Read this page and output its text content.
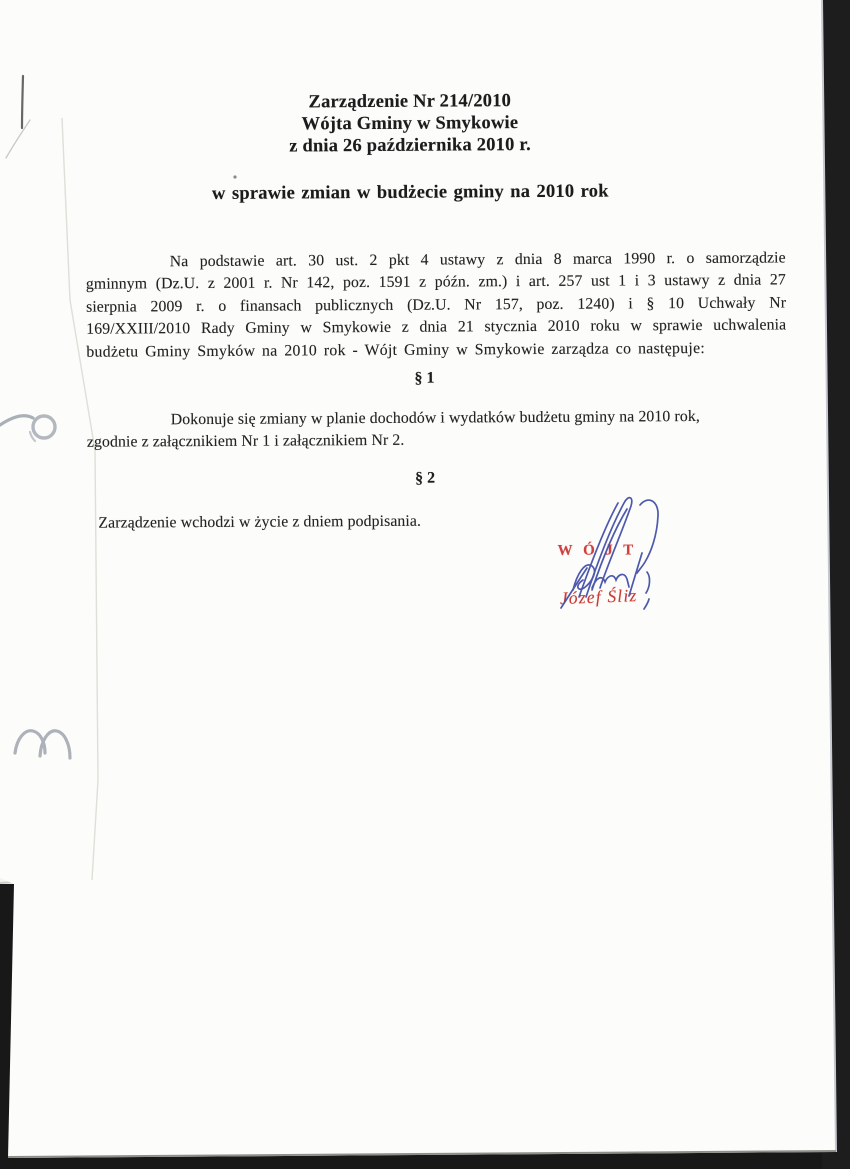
Zarządzenie Nr 214/2010
Wójta Gminy w Smykowie
z dnia 26 października 2010 r.
w sprawie zmian w budżecie gminy na 2010 rok
Na podstawie art. 30 ust. 2 pkt 4 ustawy z dnia 8 marca 1990 r. o samorządzie
gminnym (Dz.U. z 2001 r. Nr 142, poz. 1591 z późn. zm.) i art. 257 ust 1 i 3 ustawy z dnia 27
sierpnia 2009 r. o finansach publicznych (Dz.U. Nr 157, poz. 1240) i § 10 Uchwały Nr
169/XXIII/2010 Rady Gminy w Smykowie z dnia 21 stycznia 2010 roku w sprawie uchwalenia
budżetu Gminy Smyków na 2010 rok - Wójt Gminy w Smykowie zarządza co następuje:
§ 1
Dokonuje się zmiany w planie dochodów i wydatków budżetu gminy na 2010 rok,
zgodnie z załącznikiem Nr 1 i załącznikiem Nr 2.
§ 2
Zarządzenie wchodzi w życie z dniem podpisania.
WÓJT
Józef Śliz
